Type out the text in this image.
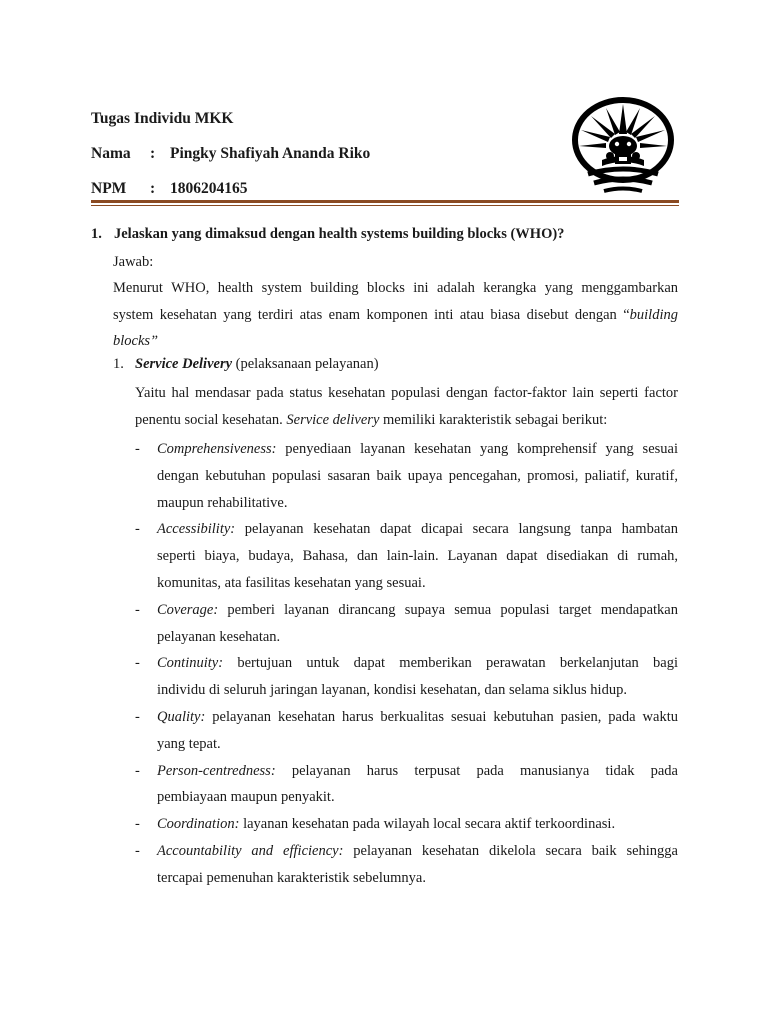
Tugas Individu MKK
Nama	: Pingky Shafiyah Ananda Riko
NPM	: 1806204165
1. Jelaskan yang dimaksud dengan health systems building blocks (WHO)?
Jawab:
Menurut WHO, health system building blocks ini adalah kerangka yang menggambarkan
system kesehatan yang terdiri atas enam komponen inti atau biasa disebut dengan “building
blocks”
1. Service Delivery (pelaksanaan pelayanan)
Yaitu hal mendasar pada status kesehatan populasi dengan factor-faktor lain seperti factor
penentu social kesehatan. Service delivery memiliki karakteristik sebagai berikut:
-	Comprehensiveness: penyediaan layanan kesehatan yang komprehensif yang sesuai
dengan kebutuhan populasi sasaran baik upaya pencegahan, promosi, paliatif, kuratif,
maupun rehabilitative.
-	Accessibility: pelayanan kesehatan dapat dicapai secara langsung tanpa hambatan
seperti biaya, budaya, Bahasa, dan lain-lain. Layanan dapat disediakan di rumah,
komunitas, ata fasilitas kesehatan yang sesuai.
-	Coverage: pemberi layanan dirancang supaya semua populasi target mendapatkan
pelayanan kesehatan.
-	Continuity: bertujuan untuk dapat memberikan perawatan berkelanjutan bagi
individu di seluruh jaringan layanan, kondisi kesehatan, dan selama siklus hidup.
-	Quality: pelayanan kesehatan harus berkualitas sesuai kebutuhan pasien, pada waktu
yang tepat.
-	Person-centredness: pelayanan harus terpusat pada manusianya tidak pada
pembiayaan maupun penyakit.
-	Coordination: layanan kesehatan pada wilayah local secara aktif terkoordinasi.
-	Accountability and efficiency: pelayanan kesehatan dikelola secara baik sehingga
tercapai pemenuhan karakteristik sebelumnya.
